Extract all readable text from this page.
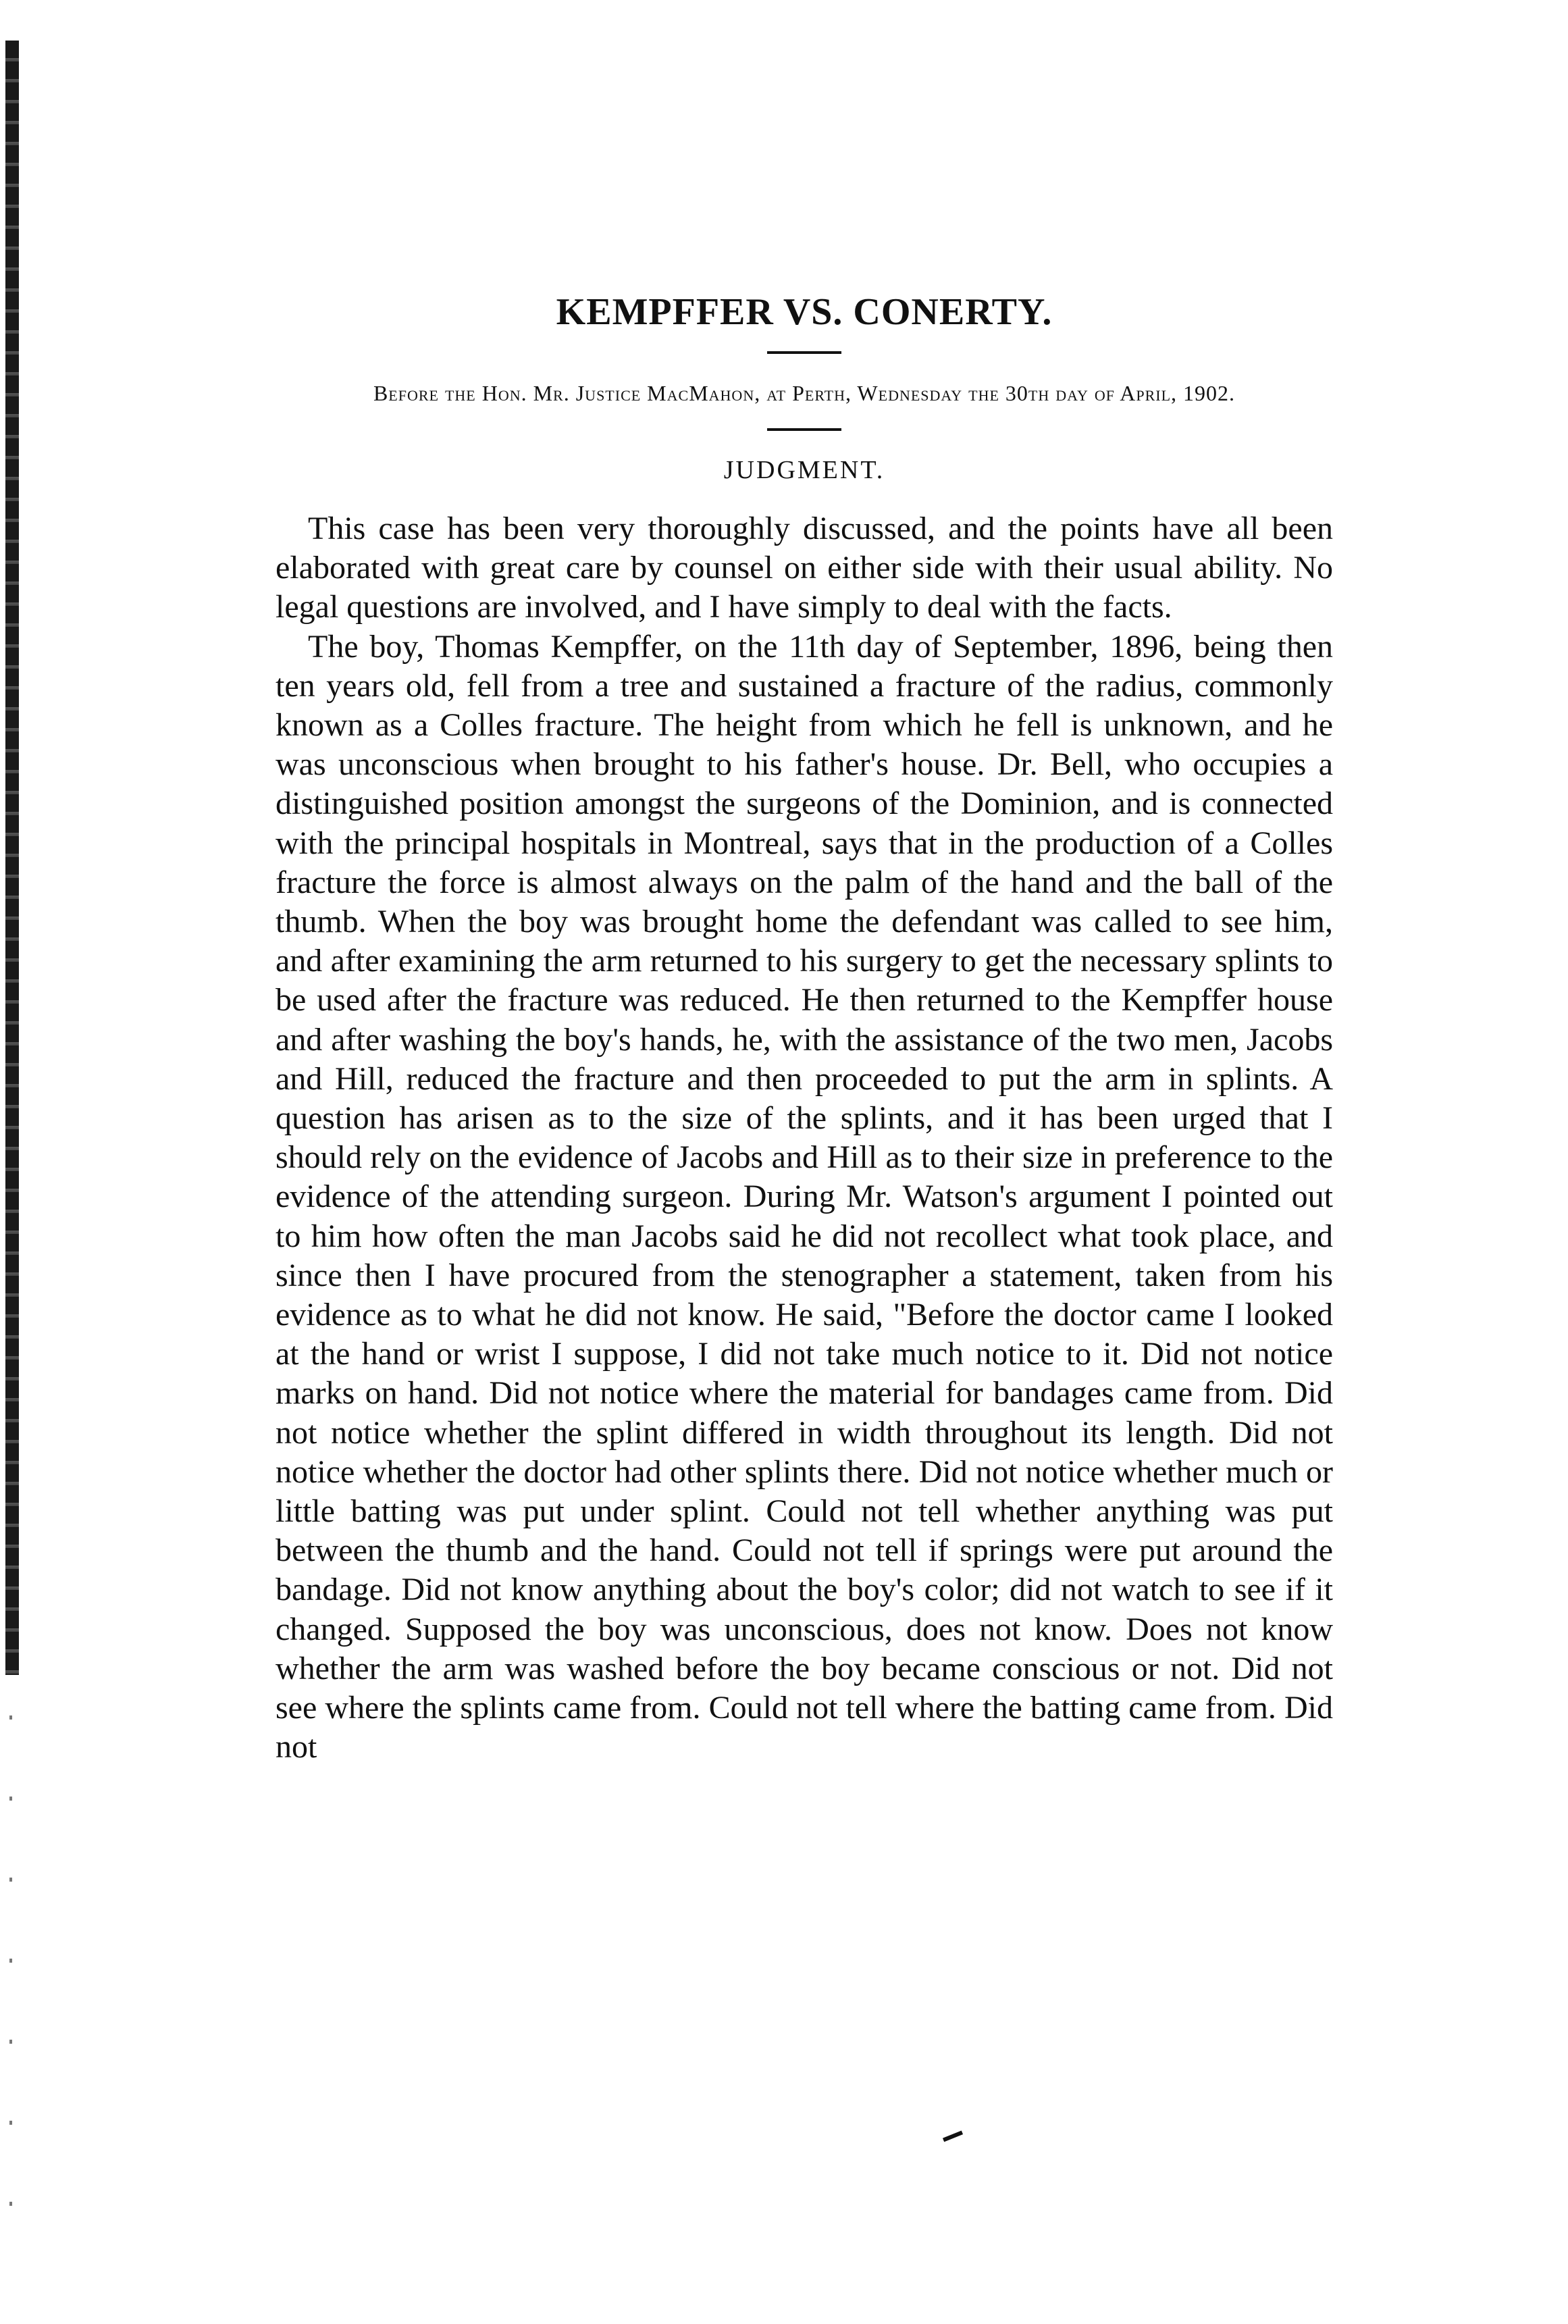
KEMPFFER VS. CONERTY.
Before the Hon. Mr. Justice MacMahon, at Perth, Wednesday the 30th day of April, 1902.
JUDGMENT.

This case has been very thoroughly discussed, and the points have all been elaborated with great care by counsel on either side with their usual ability. No legal questions are involved, and I have simply to deal with the facts.

The boy, Thomas Kempffer, on the 11th day of September, 1896, being then ten years old, fell from a tree and sustained a fracture of the radius, commonly known as a Colles fracture. The height from which he fell is unknown, and he was unconscious when brought to his father's house. Dr. Bell, who occupies a distinguished position amongst the surgeons of the Dominion, and is connected with the principal hospitals in Montreal, says that in the production of a Colles fracture the force is almost always on the palm of the hand and the ball of the thumb. When the boy was brought home the defendant was called to see him, and after examining the arm returned to his surgery to get the necessary splints to be used after the fracture was reduced. He then returned to the Kempffer house and after washing the boy's hands, he, with the assistance of the two men, Jacobs and Hill, reduced the fracture and then proceeded to put the arm in splints. A question has arisen as to the size of the splints, and it has been urged that I should rely on the evidence of Jacobs and Hill as to their size in preference to the evidence of the attending surgeon. During Mr. Watson's argument I pointed out to him how often the man Jacobs said he did not recollect what took place, and since then I have procured from the stenographer a statement, taken from his evidence as to what he did not know. He said, "Before the doctor came I looked at the hand or wrist I suppose, I did not take much notice to it. Did not notice marks on hand. Did not notice where the material for bandages came from. Did not notice whether the splint differed in width throughout its length. Did not notice whether the doctor had other splints there. Did not notice whether much or little batting was put under splint. Could not tell whether anything was put between the thumb and the hand. Could not tell if springs were put around the bandage. Did not know anything about the boy's color; did not watch to see if it changed. Supposed the boy was unconscious, does not know. Does not know whether the arm was washed before the boy became conscious or not. Did not see where the splints came from. Could not tell where the batting came from. Did not
